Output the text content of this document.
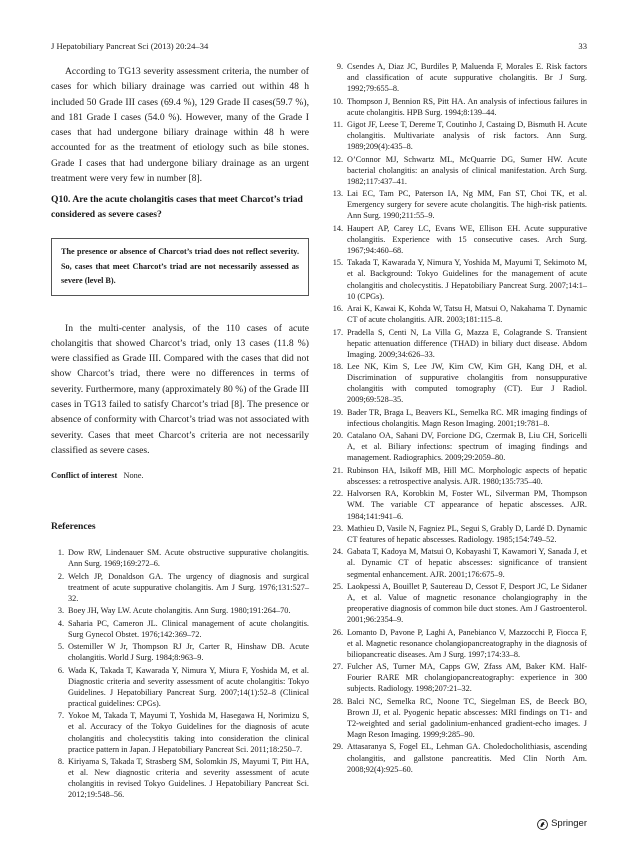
J Hepatobiliary Pancreat Sci (2013) 20:24–34	33

According to TG13 severity assessment criteria, the number of cases for which biliary drainage was carried out within 48 h included 50 Grade III cases (69.4 %), 129 Grade II cases(59.7 %), and 181 Grade I cases (54.0 %). However, many of the Grade I cases that had undergone biliary drainage within 48 h were accounted for as the treatment of etiology such as bile stones. Grade I cases that had undergone biliary drainage as an urgent treatment were very few in number [8].

Q10. Are the acute cholangitis cases that meet Charcot’s triad considered as severe cases?
The presence or absence of Charcot’s triad does not reflect severity. So, cases that meet Charcot’s triad are not necessarily assessed as severe (level B).

In the multi-center analysis, of the 110 cases of acute cholangitis that showed Charcot’s triad, only 13 cases (11.8 %) were classified as Grade III. Compared with the cases that did not show Charcot’s triad, there were no differences in terms of severity. Furthermore, many (approximately 80 %) of the Grade III cases in TG13 failed to satisfy Charcot’s triad [8]. The presence or absence of conformity with Charcot’s triad was not associated with severity. Cases that meet Charcot’s criteria are not necessarily classified as severe cases.

Conflict of interest None.
References
1. Dow RW, Lindenauer SM. Acute obstructive suppurative cholangitis. Ann Surg. 1969;169:272–6.
2. Welch JP, Donaldson GA. The urgency of diagnosis and surgical treatment of acute suppurative cholangitis. Am J Surg. 1976;131:527–32.
3. Boey JH, Way LW. Acute cholangitis. Ann Surg. 1980;191:264–70.
4. Saharia PC, Cameron JL. Clinical management of acute cholangitis. Surg Gynecol Obstet. 1976;142:369–72.
5. Ostemiller W Jr, Thompson RJ Jr, Carter R, Hinshaw DB. Acute cholangitis. World J Surg. 1984;8:963–9.
6. Wada K, Takada T, Kawarada Y, Nimura Y, Miura F, Yoshida M, et al. Diagnostic criteria and severity assessment of acute cholangitis: Tokyo Guidelines. J Hepatobiliary Pancreat Surg. 2007;14(1):52–8 (Clinical practical guidelines: CPGs).
7. Yokoe M, Takada T, Mayumi T, Yoshida M, Hasegawa H, Norimizu S, et al. Accuracy of the Tokyo Guidelines for the diagnosis of acute cholangitis and cholecystitis taking into consideration the clinical practice pattern in Japan. J Hepatobiliary Pancreat Sci. 2011;18:250–7.
8. Kiriyama S, Takada T, Strasberg SM, Solomkin JS, Mayumi T, Pitt HA, et al. New diagnostic criteria and severity assessment of acute cholangitis in revised Tokyo Guidelines. J Hepatobiliary Pancreat Sci. 2012;19:548–56.
9. Csendes A, Diaz JC, Burdiles P, Maluenda F, Morales E. Risk factors and classification of acute suppurative cholangitis. Br J Surg. 1992;79:655–8.
10. Thompson J, Bennion RS, Pitt HA. An analysis of infectious failures in acute cholangitis. HPB Surg. 1994;8:139–44.
11. Gigot JF, Leese T, Dereme T, Coutinho J, Castaing D, Bismuth H. Acute cholangitis. Multivariate analysis of risk factors. Ann Surg. 1989;209(4):435–8.
12. O’Connor MJ, Schwartz ML, McQuarrie DG, Sumer HW. Acute bacterial cholangitis: an analysis of clinical manifestation. Arch Surg. 1982;117:437–41.
13. Lai EC, Tam PC, Paterson IA, Ng MM, Fan ST, Choi TK, et al. Emergency surgery for severe acute cholangitis. The high-risk patients. Ann Surg. 1990;211:55–9.
14. Haupert AP, Carey LC, Evans WE, Ellison EH. Acute suppurative cholangitis. Experience with 15 consecutive cases. Arch Surg. 1967;94:460–68.
15. Takada T, Kawarada Y, Nimura Y, Yoshida M, Mayumi T, Sekimoto M, et al. Background: Tokyo Guidelines for the management of acute cholangitis and cholecystitis. J Hepatobiliary Pancreat Surg. 2007;14:1–10 (CPGs).
16. Arai K, Kawai K, Kohda W, Tatsu H, Matsui O, Nakahama T. Dynamic CT of acute cholangitis. AJR. 2003;181:115–8.
17. Pradella S, Centi N, La Villa G, Mazza E, Colagrande S. Transient hepatic attenuation difference (THAD) in biliary duct disease. Abdom Imaging. 2009;34:626–33.
18. Lee NK, Kim S, Lee JW, Kim CW, Kim GH, Kang DH, et al. Discrimination of suppurative cholangitis from nonsuppurative cholangitis with computed tomography (CT). Eur J Radiol. 2009;69:528–35.
19. Bader TR, Braga L, Beavers KL, Semelka RC. MR imaging findings of infectious cholangitis. Magn Reson Imaging. 2001;19:781–8.
20. Catalano OA, Sahani DV, Forcione DG, Czermak B, Liu CH, Soricelli A, et al. Biliary infections: spectrum of imaging findings and management. Radiographics. 2009;29:2059–80.
21. Rubinson HA, Isikoff MB, Hill MC. Morphologic aspects of hepatic abscesses: a retrospective analysis. AJR. 1980;135:735–40.
22. Halvorsen RA, Korobkin M, Foster WL, Silverman PM, Thompson WM. The variable CT appearance of hepatic abscesses. AJR. 1984;141:941–6.
23. Mathieu D, Vasile N, Fagniez PL, Segui S, Grably D, Lardé D. Dynamic CT features of hepatic abscesses. Radiology. 1985;154:749–52.
24. Gabata T, Kadoya M, Matsui O, Kobayashi T, Kawamori Y, Sanada J, et al. Dynamic CT of hepatic abscesses: significance of transient segmental enhancement. AJR. 2001;176:675–9.
25. Laokpessi A, Bouillet P, Sautereau D, Cessot F, Desport JC, Le Sidaner A, et al. Value of magnetic resonance cholangiography in the preoperative diagnosis of common bile duct stones. Am J Gastroenterol. 2001;96:2354–9.
26. Lomanto D, Pavone P, Laghi A, Panebianco V, Mazzocchi P, Fiocca F, et al. Magnetic resonance cholangiopancreatography in the diagnosis of biliopancreatic diseases. Am J Surg. 1997;174:33–8.
27. Fulcher AS, Turner MA, Capps GW, Zfass AM, Baker KM. Half-Fourier RARE MR cholangiopancreatography: experience in 300 subjects. Radiology. 1998;207:21–32.
28. Balci NC, Semelka RC, Noone TC, Siegelman ES, de Beeck BO, Brown JJ, et al. Pyogenic hepatic abscesses: MRI findings on T1- and T2-weighted and serial gadolinium-enhanced gradient-echo images. J Magn Reson Imaging. 1999;9:285–90.
29. Attasaranya S, Fogel EL, Lehman GA. Choledocholithiasis, ascending cholangitis, and gallstone pancreatitis. Med Clin North Am. 2008;92(4):925–60.
Springer
